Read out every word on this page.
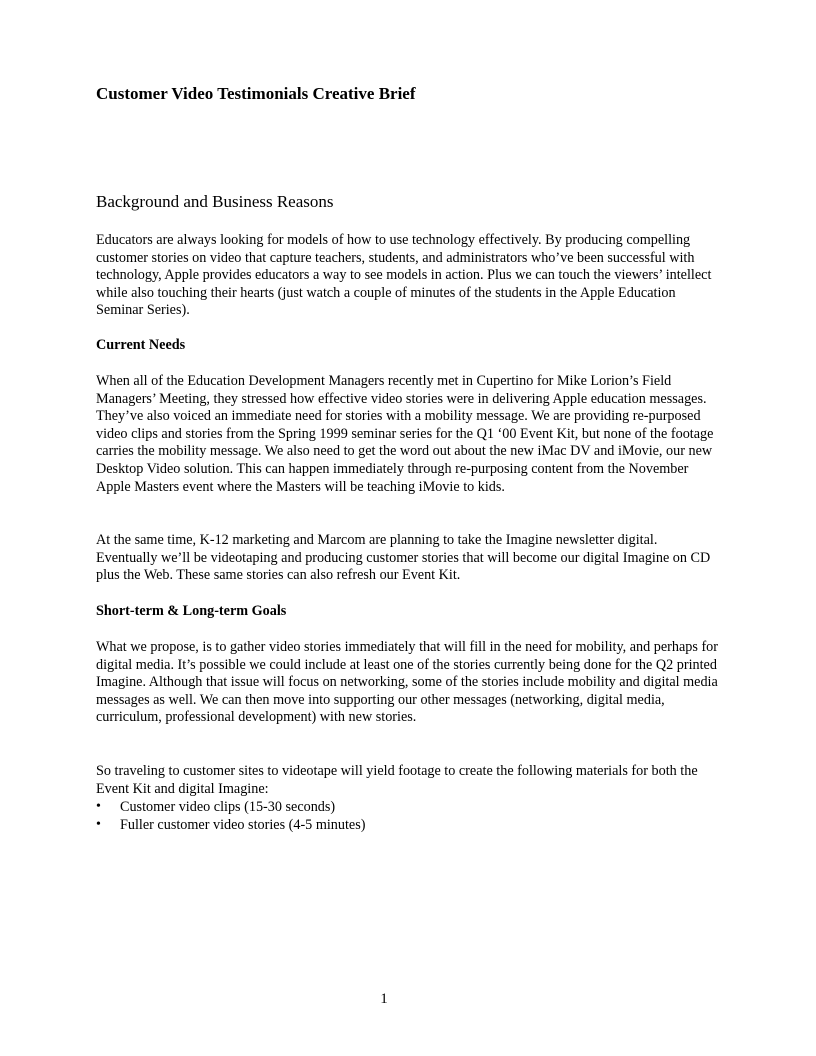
Customer Video Testimonials Creative Brief
Background and Business Reasons

Educators are always looking for models of how to use technology effectively. By producing compelling customer stories on video that capture teachers, students, and administrators who’ve been successful with technology, Apple provides educators a way to see models in action. Plus we can touch the viewers’ intellect while also touching their hearts (just watch a couple of minutes of the students in the Apple Education Seminar Series).

Current Needs

When all of the Education Development Managers recently met in Cupertino for Mike Lorion’s Field Managers’ Meeting, they stressed how effective video stories were in delivering Apple education messages. They’ve also voiced an immediate need for stories with a mobility message. We are providing re-purposed video clips and stories from the Spring 1999 seminar series for the Q1 ‘00 Event Kit, but none of the footage carries the mobility message. We also need to get the word out about the new iMac DV and iMovie, our new Desktop Video solution. This can happen immediately through re-purposing content from the November Apple Masters event where the Masters will be teaching iMovie to kids.

At the same time, K-12 marketing and Marcom are planning to take the Imagine newsletter digital. Eventually we’ll be videotaping and producing customer stories that will become our digital Imagine on CD plus the Web. These same stories can also refresh our Event Kit.

Short-term & Long-term Goals

What we propose, is to gather video stories immediately that will fill in the need for mobility, and perhaps for digital media. It’s possible we could include at least one of the stories currently being done for the Q2 printed Imagine. Although that issue will focus on networking, some of the stories include mobility and digital media messages as well. We can then move into supporting our other messages (networking, digital media, curriculum, professional development) with new stories.

So traveling to customer sites to videotape will yield footage to create the following materials for both the Event Kit and digital Imagine:

• Customer video clips (15-30 seconds)
• Fuller customer video stories (4-5 minutes)
1
